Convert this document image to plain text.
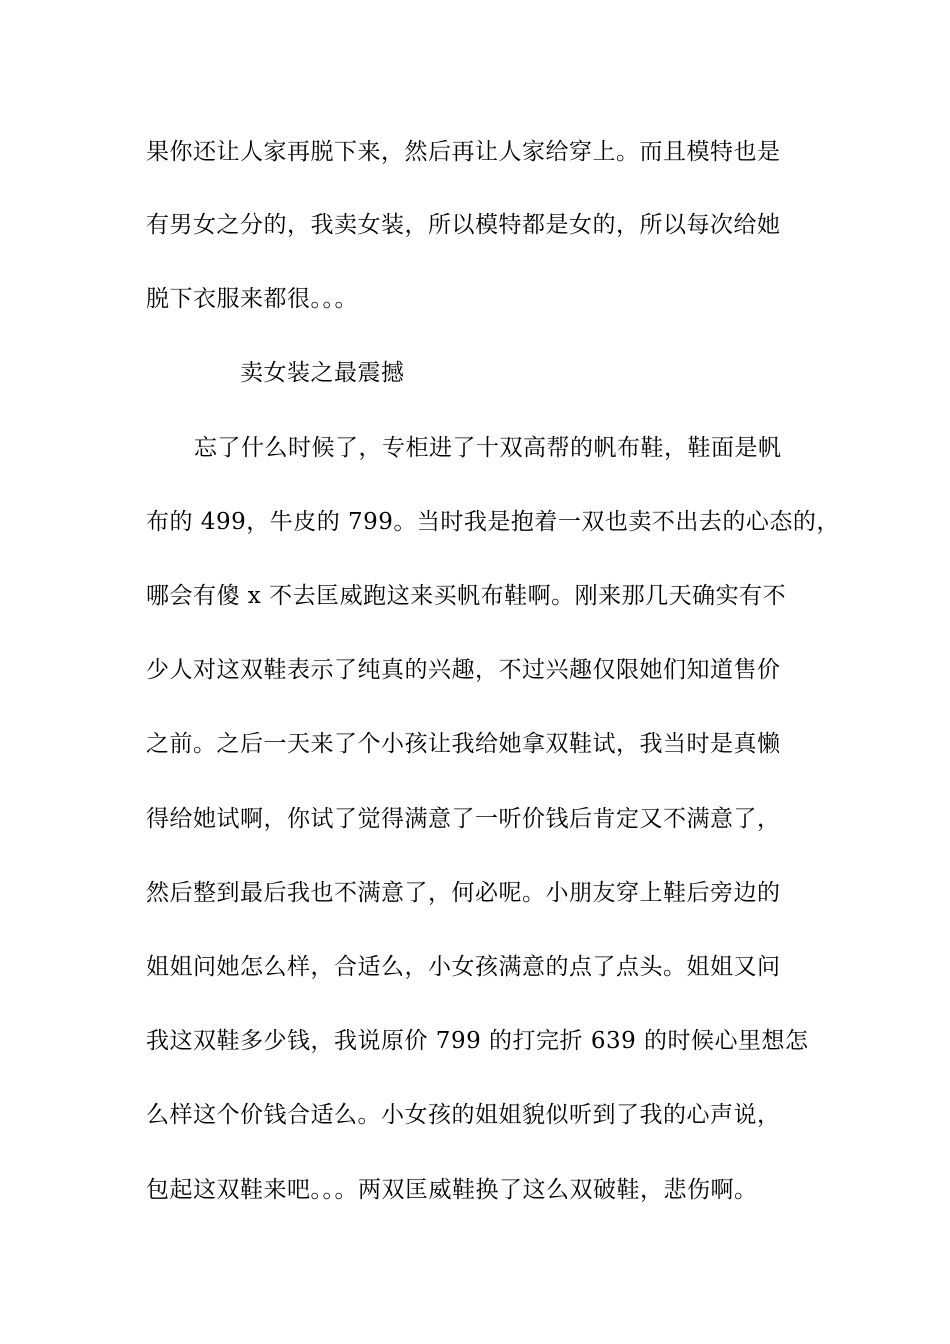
果你还让人家再脱下来，然后再让人家给穿上。而且模特也是
有男女之分的，我卖女装，所以模特都是女的，所以每次给她
脱下衣服来都很。。。
卖女装之最震撼
忘了什么时候了，专柜进了十双高帮的帆布鞋，鞋面是帆
布的 499，牛皮的 799。当时我是抱着一双也卖不出去的心态的，
哪会有傻 x 不去匡威跑这来买帆布鞋啊。刚来那几天确实有不
少人对这双鞋表示了纯真的兴趣，不过兴趣仅限她们知道售价
之前。之后一天来了个小孩让我给她拿双鞋试，我当时是真懒
得给她试啊，你试了觉得满意了一听价钱后肯定又不满意了，
然后整到最后我也不满意了，何必呢。小朋友穿上鞋后旁边的
姐姐问她怎么样，合适么，小女孩满意的点了点头。姐姐又问
我这双鞋多少钱，我说原价 799 的打完折 639 的时候心里想怎
么样这个价钱合适么。小女孩的姐姐貌似听到了我的心声说，
包起这双鞋来吧。。。两双匡威鞋换了这么双破鞋，悲伤啊。
